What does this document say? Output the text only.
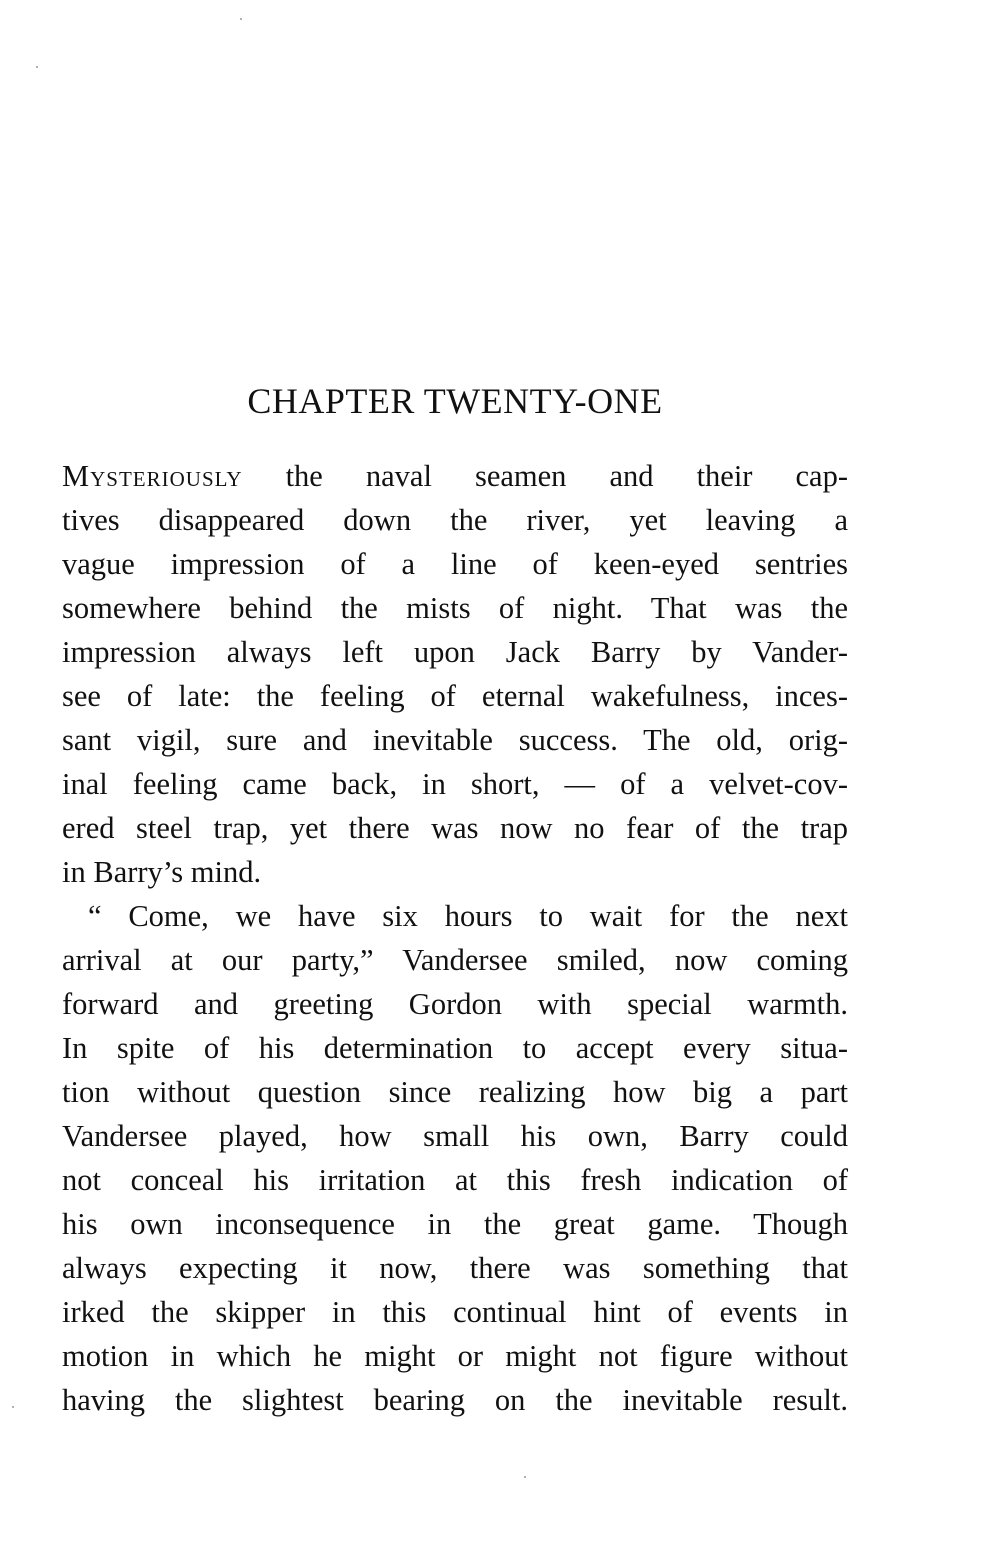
CHAPTER TWENTY-ONE
Mysteriously the naval seamen and their cap-
tives disappeared down the river, yet leaving a
vague impression of a line of keen-eyed sentries
somewhere behind the mists of night. That was the
impression always left upon Jack Barry by Vander-
see of late: the feeling of eternal wakefulness, inces-
sant vigil, sure and inevitable success. The old, orig-
inal feeling came back, in short, — of a velvet-cov-
ered steel trap, yet there was now no fear of the trap
in Barry’s mind.
“ Come, we have six hours to wait for the next
arrival at our party,” Vandersee smiled, now coming
forward and greeting Gordon with special warmth.
In spite of his determination to accept every situa-
tion without question since realizing how big a part
Vandersee played, how small his own, Barry could
not conceal his irritation at this fresh indication of
his own inconsequence in the great game. Though
always expecting it now, there was something that
irked the skipper in this continual hint of events in
motion in which he might or might not figure without
having the slightest bearing on the inevitable result.
